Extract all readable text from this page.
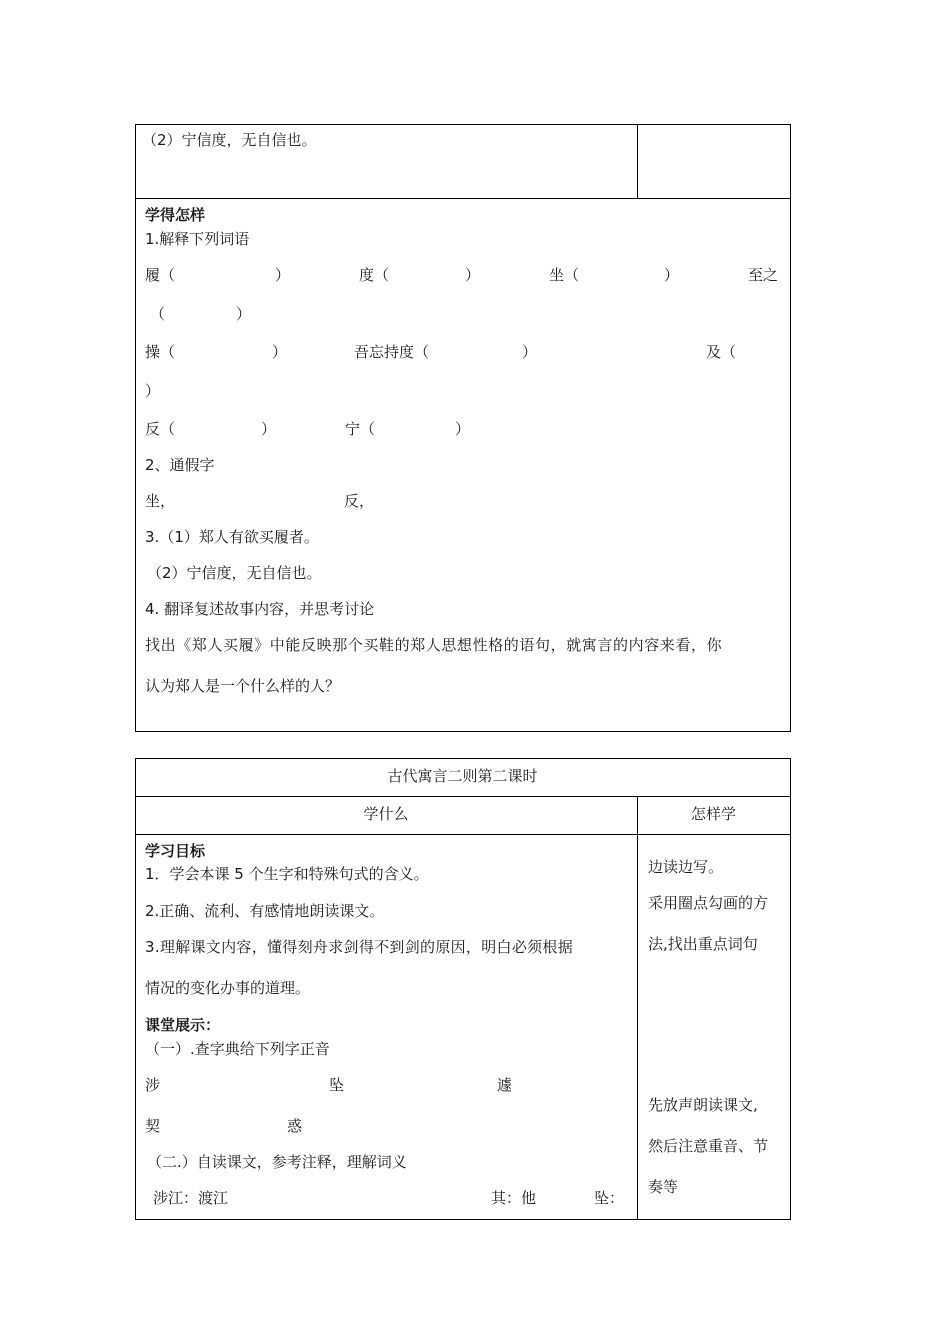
（2）宁信度，无自信也。
学得怎样
1.解释下列词语
履（	）	度（	）	坐（	）	至之
（	）
操（	）	吾忘持度（	）	及（
）
反（	）	宁（	）
2、通假字
坐，	反，
3.（1）郑人有欲买履者。
（2）宁信度，无自信也。
4. 翻译复述故事内容，并思考讨论
找出《郑人买履》中能反映那个买鞋的郑人思想性格的语句，就寓言的内容来看，你
认为郑人是一个什么样的人？
古代寓言二则第二课时
学什么	怎样学
学习目标
1．学会本课 5 个生字和特殊句式的含义。
2.正确、流利、有感情地朗读课文。
3.理解课文内容，懂得刻舟求剑得不到剑的原因，明白必须根据
情况的变化办事的道理。
课堂展示：
（一）.查字典给下列字正音
涉	坠	遽
契	惑
（二.）自读课文，参考注释，理解词义
涉江：渡江	其：他	坠：
边读边写。
采用圈点勾画的方
法,找出重点词句
先放声朗读课文,
然后注意重音、节
奏等
